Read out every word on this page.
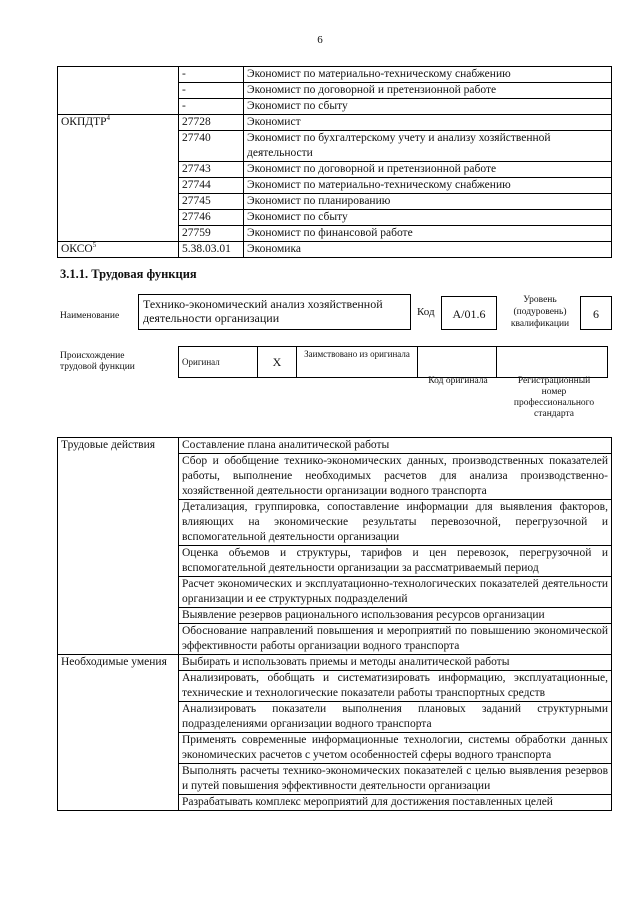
6
	-	Экономист по материально-техническому снабжению
	-	Экономист по договорной и претензионной работе
	-	Экономист по сбыту
ОКПДТР$^4$	27728	Экономист
	27740	Экономист по бухгалтерскому учету и анализу хозяйственной деятельности
	27743	Экономист по договорной и претензионной работе
	27744	Экономист по материально-техническому снабжению
	27745	Экономист по планированию
	27746	Экономист по сбыту
	27759	Экономист по финансовой работе
ОКСО$^5$	5.38.03.01	Экономика
3.1.1. Трудовая функция
Наименование
Технико-экономический анализ хозяйственной деятельности организации	Код	А/01.6
Уровень (подуровень) квалификации
6
Происхождение трудовой функции	Оригинал	X	Заимствовано из оригинала		
Код оригинала	Регистрационный номер профессионального стандарта
Трудовые действия	Составление плана аналитической работы
	Сбор и обобщение технико-экономических данных, производственных показателей работы, выполнение необходимых расчетов для анализа производственно-хозяйственной деятельности организации водного транспорта
	Детализация, группировка, сопоставление информации для выявления факторов, влияющих на экономические результаты перевозочной, перегрузочной и вспомогательной деятельности организации
	Оценка объемов и структуры, тарифов и цен перевозок, перегрузочной и вспомогательной деятельности организации за рассматриваемый период
	Расчет экономических и эксплуатационно-технологических показателей деятельности организации и ее структурных подразделений
	Выявление резервов рационального использования ресурсов организации
	Обоснование направлений повышения и мероприятий по повышению экономической эффективности работы организации водного транспорта
Необходимые умения	Выбирать и использовать приемы и методы аналитической работы
	Анализировать, обобщать и систематизировать информацию, эксплуатационные, технические и технологические показатели работы транспортных средств
	Анализировать показатели выполнения плановых заданий структурными подразделениями организации водного транспорта
	Применять современные информационные технологии, системы обработки данных экономических расчетов с учетом особенностей сферы водного транспорта
	Выполнять расчеты технико-экономических показателей с целью выявления резервов и путей повышения эффективности деятельности организации
	Разрабатывать комплекс мероприятий для достижения поставленных целей
